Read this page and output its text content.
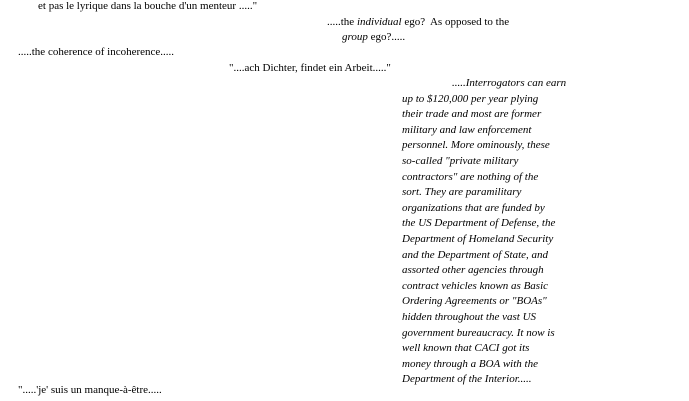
et pas le lyrique dans la bouche d'un menteur ....."

.....the individual ego?  As opposed to the

group ego?.....

.....the coherence of incoherence.....

"....ach Dichter, findet ein Arbeit....."

.....Interrogators can earn
up to $120,000 per year plying
their trade and most are former
military and law enforcement
personnel. More ominously, these
so-called "private military
contractors" are nothing of the
sort. They are paramilitary
organizations that are funded by
the US Department of Defense, the
Department of Homeland Security
and the Department of State, and
assorted other agencies through
contract vehicles known as Basic
Ordering Agreements or "BOAs"
hidden throughout the vast US
government bureaucracy. It now is
well known that CACI got its
money through a BOA with the
Department of the Interior.....

".....'je' suis un manque-à-être.....
